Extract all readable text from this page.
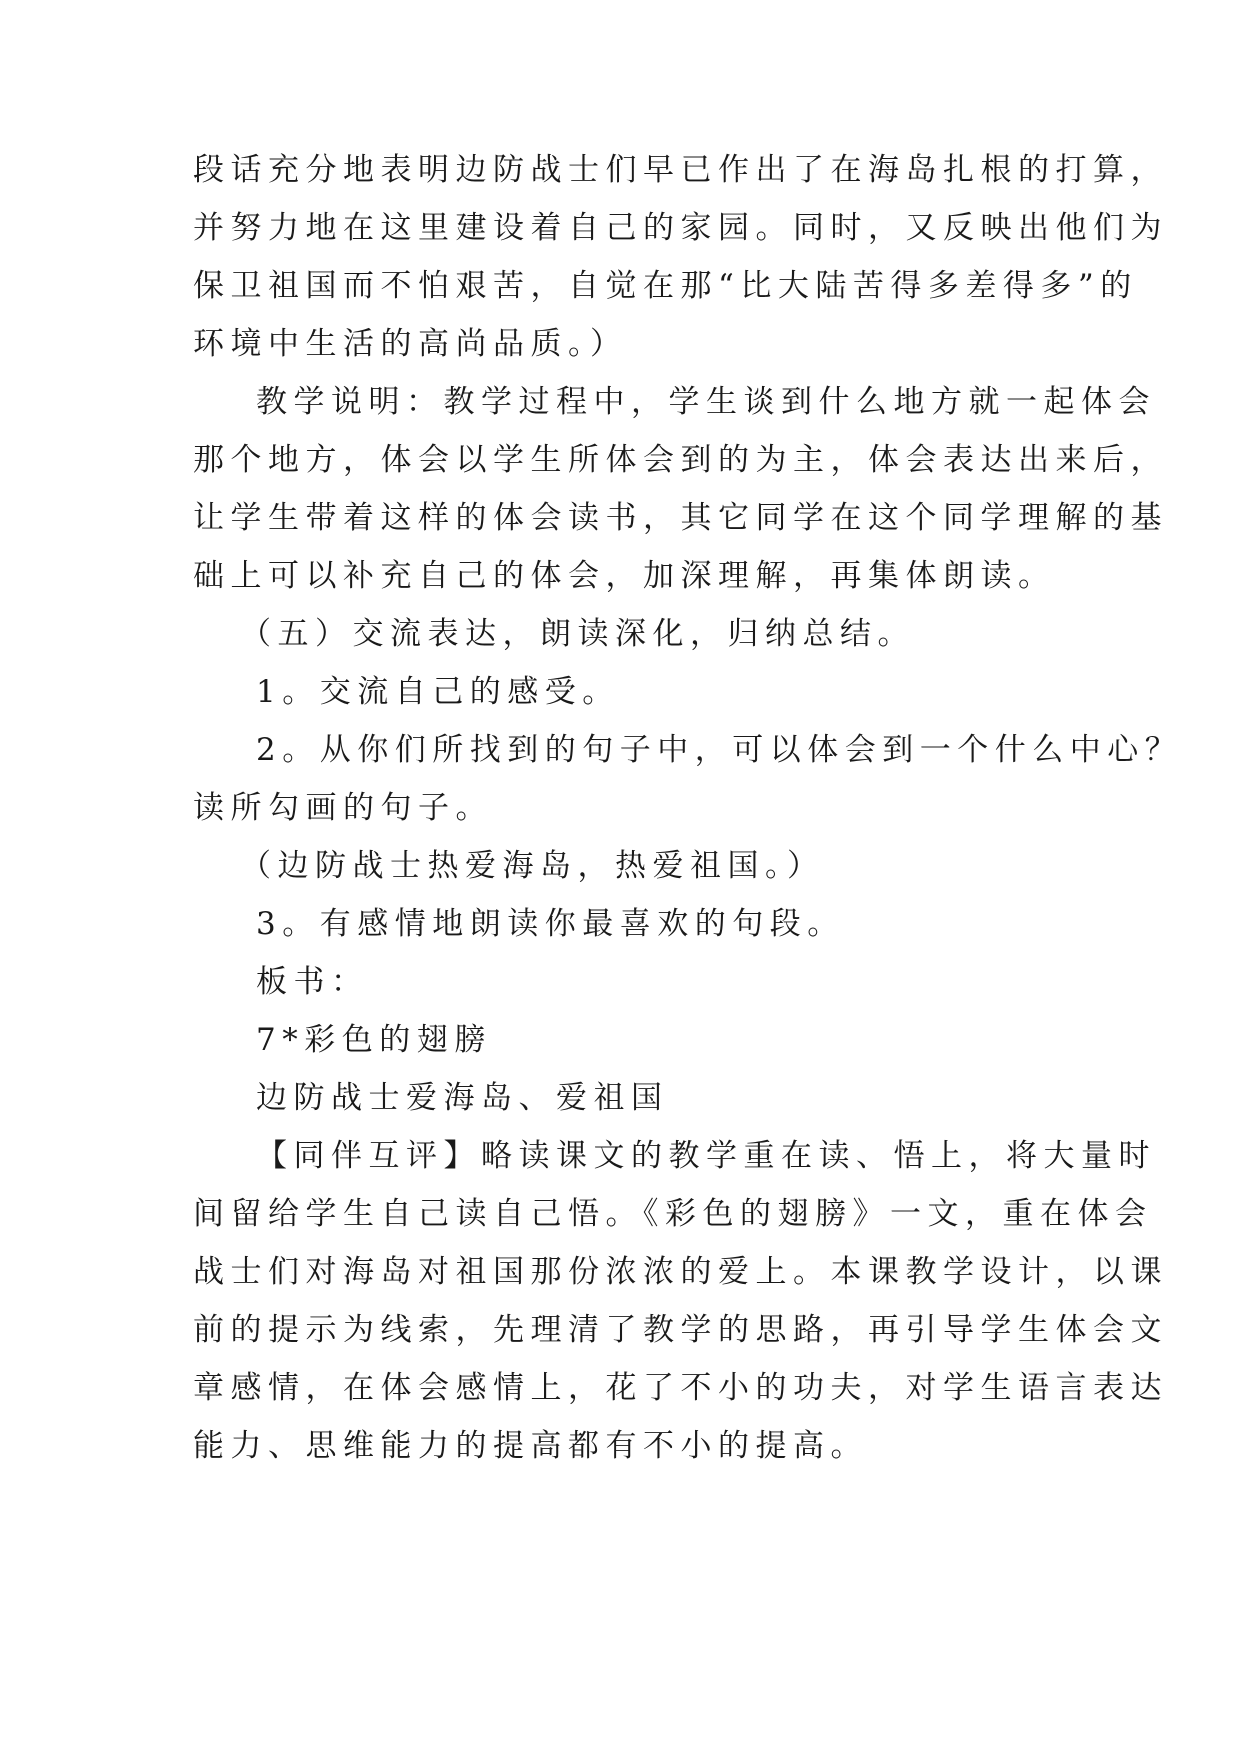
段话充分地表明边防战士们早已作出了在海岛扎根的打算，
并努力地在这里建设着自己的家园。同时，又反映出他们为
保卫祖国而不怕艰苦，自觉在那“比大陆苦得多差得多”的
环境中生活的高尚品质。）
教学说明：教学过程中，学生谈到什么地方就一起体会
那个地方，体会以学生所体会到的为主，体会表达出来后，
让学生带着这样的体会读书，其它同学在这个同学理解的基
础上可以补充自己的体会，加深理解，再集体朗读。
（五）交流表达，朗读深化，归纳总结。
1。交流自己的感受。
2。从你们所找到的句子中，可以体会到一个什么中心？
读所勾画的句子。
（边防战士热爱海岛，热爱祖国。）
3。有感情地朗读你最喜欢的句段。
板书：
7*彩色的翅膀
边防战士爱海岛、爱祖国
【同伴互评】略读课文的教学重在读、悟上，将大量时
间留给学生自己读自己悟。《彩色的翅膀》一文，重在体会
战士们对海岛对祖国那份浓浓的爱上。本课教学设计，以课
前的提示为线索，先理清了教学的思路，再引导学生体会文
章感情，在体会感情上，花了不小的功夫，对学生语言表达
能力、思维能力的提高都有不小的提高。
